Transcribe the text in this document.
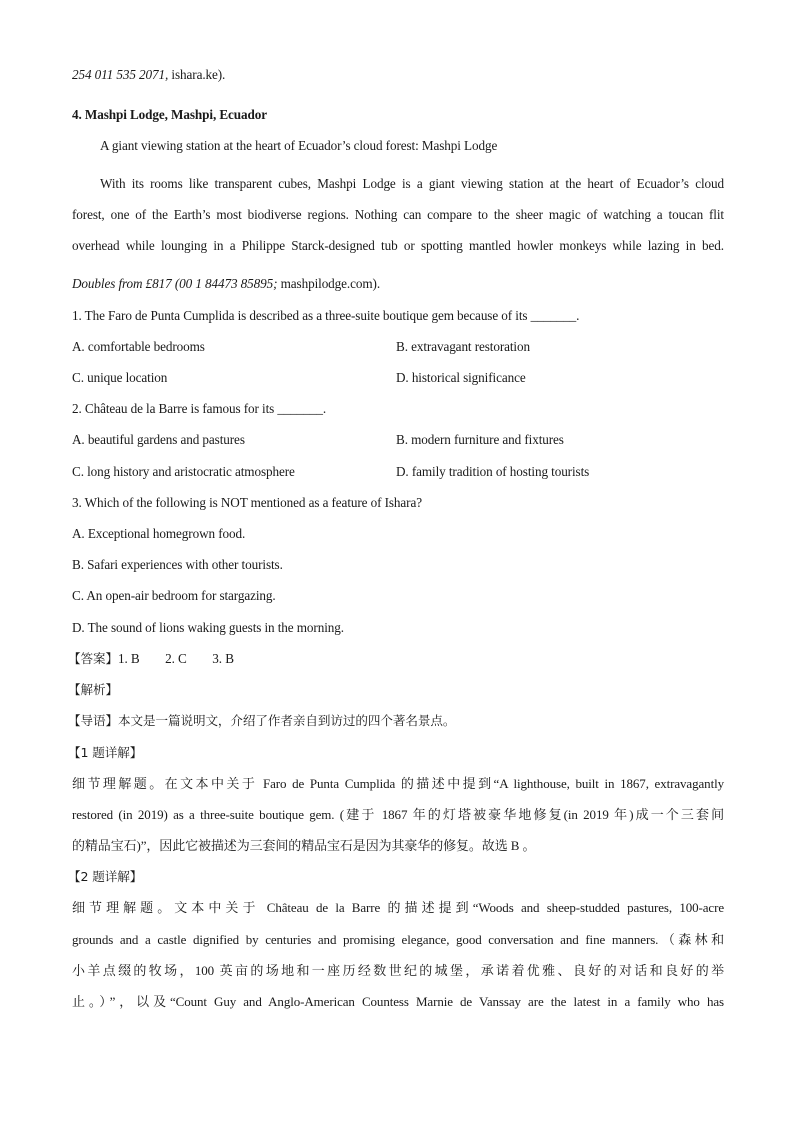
254 011 535 2071, ishara.ke).
4. Mashpi Lodge, Mashpi, Ecuador
A giant viewing station at the heart of Ecuador’s cloud forest: Mashpi Lodge
With its rooms like transparent cubes, Mashpi Lodge is a giant viewing station at the heart of Ecuador’s cloud
forest, one of the Earth’s most biodiverse regions. Nothing can compare to the sheer magic of watching a toucan flit
overhead while lounging in a Philippe Starck-designed tub or spotting mantled howler monkeys while lazing in bed.
Doubles from £817 (00 1 84473 85895; mashpilodge.com).
1. The Faro de Punta Cumplida is described as a three-suite boutique gem because of its _______.
A. comfortable bedrooms	B. extravagant restoration
C. unique location	D. historical significance
2. Château de la Barre is famous for its _______.
A. beautiful gardens and pastures	B. modern furniture and fixtures
C. long history and aristocratic atmosphere	D. family tradition of hosting tourists
3. Which of the following is NOT mentioned as a feature of Ishara?
A. Exceptional homegrown food.
B. Safari experiences with other tourists.
C. An open-air bedroom for stargazing.
D. The sound of lions waking guests in the morning.
【答案】1. B        2. C        3. B
【解析】
【导语】本文是一篇说明文，介绍了作者亲自到访过的四个著名景点。
【1 题详解】
细节理解题。在文本中关于 Faro de Punta Cumplida 的描述中提到“A lighthouse, built in 1867, extravagantly
restored (in 2019) as a three-suite boutique gem. (建于 1867 年的灯塔被豪华地修复(in 2019 年)成一个三套间
的精品宝石)”，因此它被描述为三套间的精品宝石是因为其豪华的修复。故选 B 。
【2 题详解】
细节理解题。文本中关于 Château de la Barre 的描述提到“Woods and sheep-studded pastures, 100-acre
grounds and a castle dignified by centuries and promising elegance, good conversation and fine manners.（森林和
小羊点缀的牧场，100 英亩的场地和一座历经数世纪的城堡，承诺着优雅、良好的对话和良好的举
止。）”，以及“Count Guy and Anglo-American Countess Marnie de Vanssay are the latest in a family who has
